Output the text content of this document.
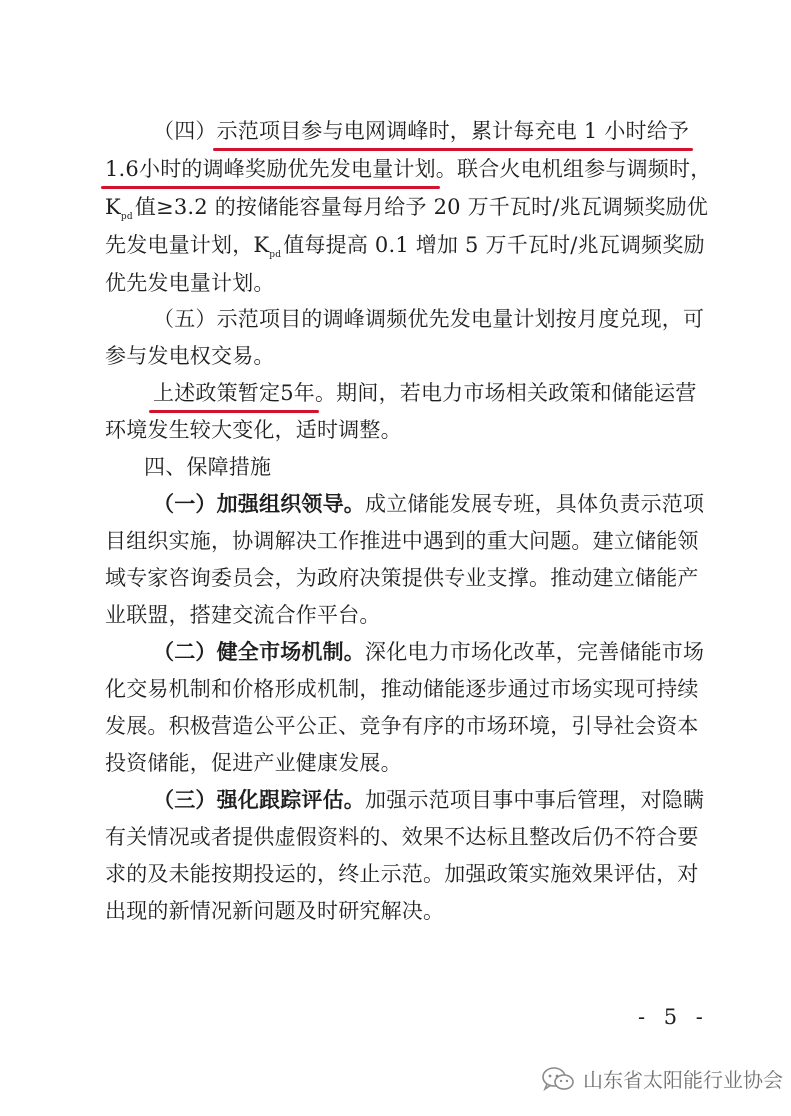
（四）示范项目参与电网调峰时，累计每充电 1 小时给予
1.6小时的调峰奖励优先发电量计划。联合火电机组参与调频时，
$K_{pd}$值≥3.2 的按储能容量每月给予 20 万千瓦时/兆瓦调频奖励优
先发电量计划，$K_{pd}$值每提高 0.1 增加 5 万千瓦时/兆瓦调频奖励
优先发电量计划。
（五）示范项目的调峰调频优先发电量计划按月度兑现，可
参与发电权交易。
上述政策暂定5年。期间，若电力市场相关政策和储能运营
环境发生较大变化，适时调整。
四、保障措施
（一）加强组织领导。成立储能发展专班，具体负责示范项
目组织实施，协调解决工作推进中遇到的重大问题。建立储能领
域专家咨询委员会，为政府决策提供专业支撑。推动建立储能产
业联盟，搭建交流合作平台。
（二）健全市场机制。深化电力市场化改革，完善储能市场
化交易机制和价格形成机制，推动储能逐步通过市场实现可持续
发展。积极营造公平公正、竞争有序的市场环境，引导社会资本
投资储能，促进产业健康发展。
（三）强化跟踪评估。加强示范项目事中事后管理，对隐瞒
有关情况或者提供虚假资料的、效果不达标且整改后仍不符合要
求的及未能按期投运的，终止示范。加强政策实施效果评估，对
出现的新情况新问题及时研究解决。
- 5 -
山东省太阳能行业协会
